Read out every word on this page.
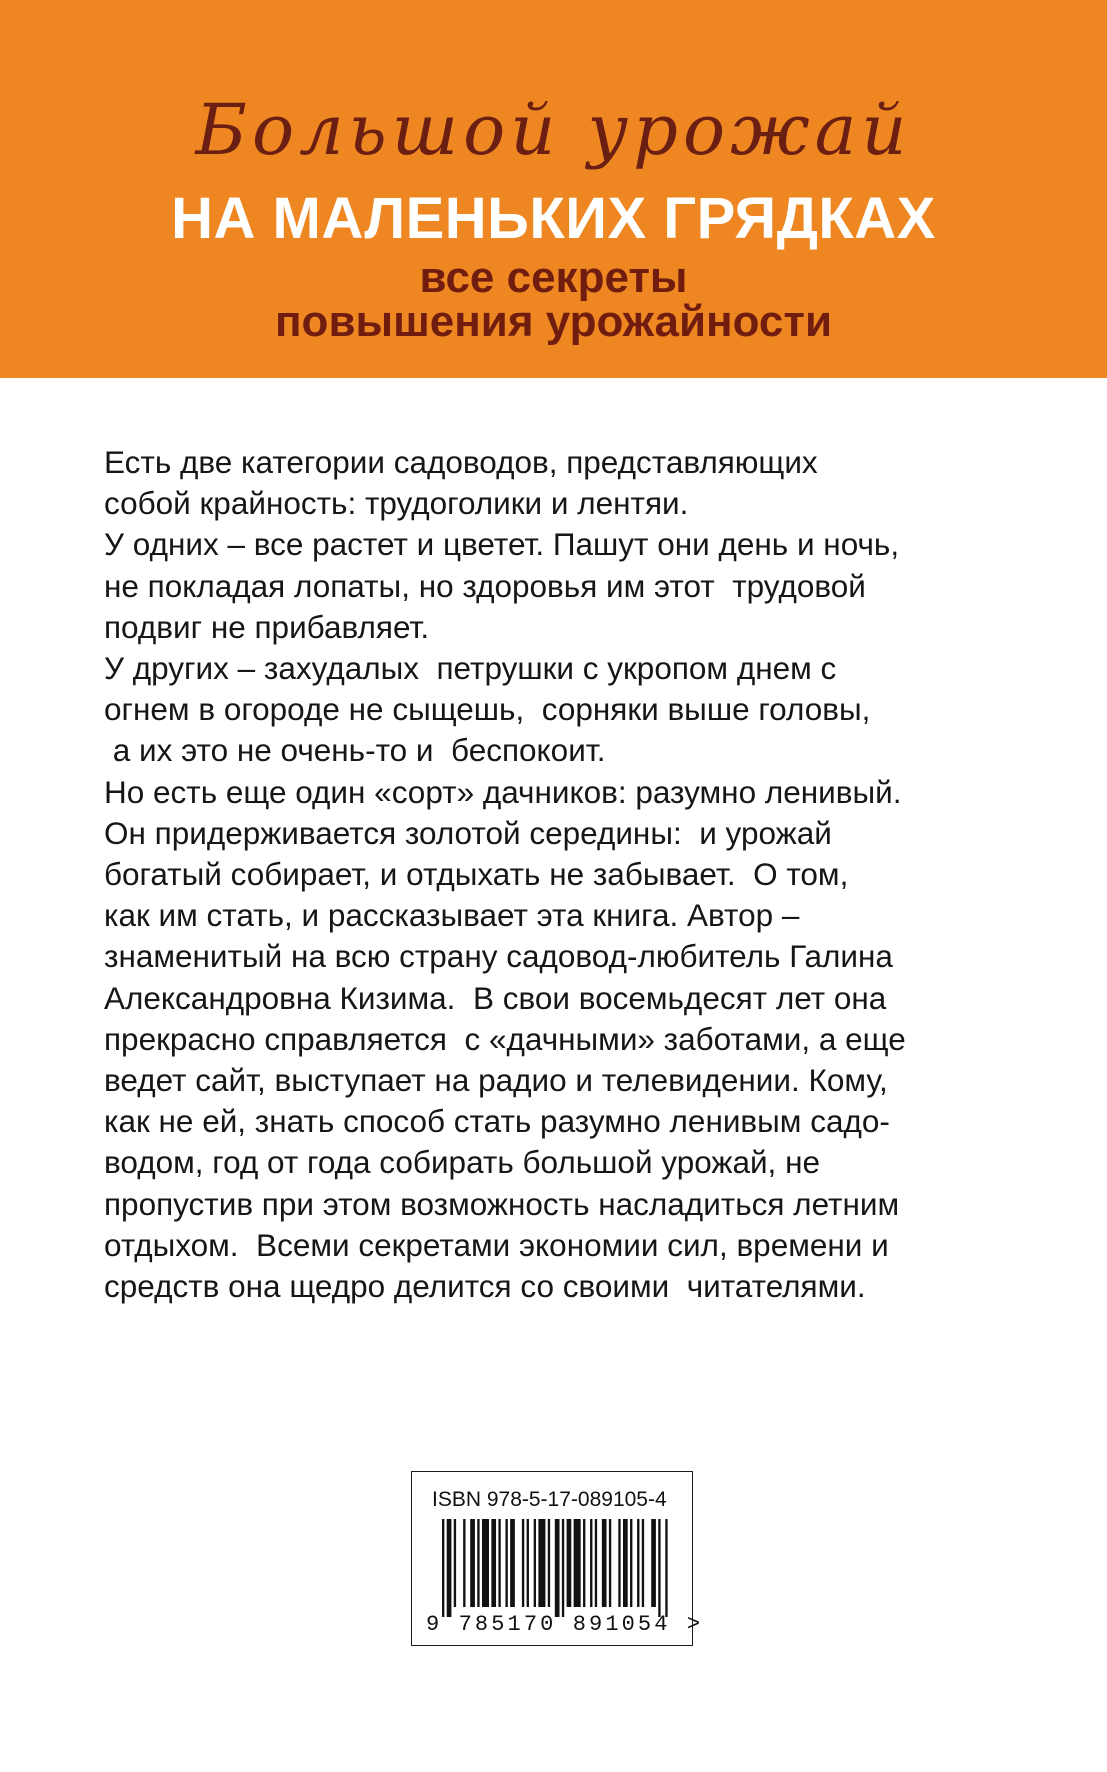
Большой урожай
НА МАЛЕНЬКИХ ГРЯДКАХ
все секреты
повышения урожайности
Есть две категории садоводов, представляющих
собой крайность: трудоголики и лентяи.
У одних – все растет и цветет. Пашут они день и ночь,
не покладая лопаты, но здоровья им этот  трудовой
подвиг не прибавляет.
У других – захудалых  петрушки с укропом днем с
огнем в огороде не сыщешь,  сорняки выше головы,
а их это не очень-то и  беспокоит.
Но есть еще один «сорт» дачников: разумно ленивый.
Он придерживается золотой середины:  и урожай
богатый собирает, и отдыхать не забывает.  О том,
как им стать, и рассказывает эта книга. Автор –
знаменитый на всю страну садовод-любитель Галина
Александровна Кизима.  В свои восемьдесят лет она
прекрасно справляется  с «дачными» заботами, а еще
ведет сайт, выступает на радио и телевидении. Кому,
как не ей, знать способ стать разумно ленивым садо-
водом, год от года собирать большой урожай, не
пропустив при этом возможность насладиться летним
отдыхом.  Всеми секретами экономии сил, времени и
средств она щедро делится со своими  читателями.
ISBN 978-5-17-089105-4
9 785170 891054 >
